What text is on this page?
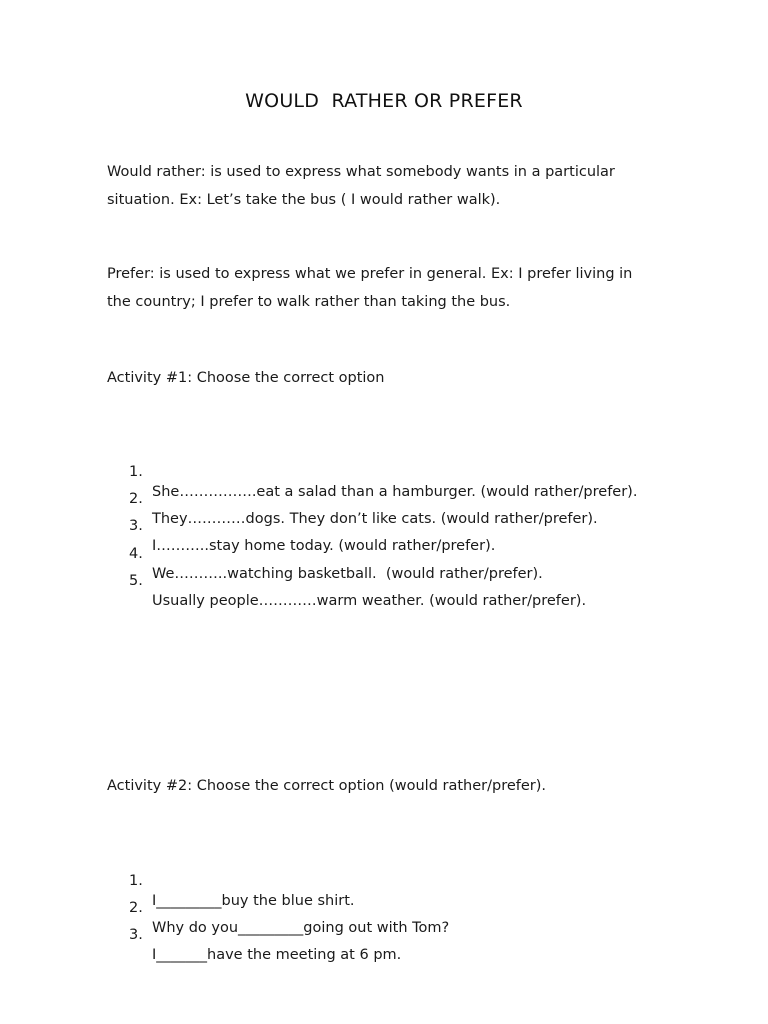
WOULD  RATHER OR PREFER
Would rather: is used to express what somebody wants in a particular
situation. Ex: Let’s take the bus ( I would rather walk).
Prefer: is used to express what we prefer in general. Ex: I prefer living in
the country; I prefer to walk rather than taking the bus.
Activity #1: Choose the correct option

1.

She…………….eat a salad than a hamburger. (would rather/prefer).

2.

They…………dogs. They don’t like cats. (would rather/prefer).

3.

I………..stay home today. (would rather/prefer).

4.

We………..watching basketball.  (would rather/prefer).

5.

Usually people…………warm weather. (would rather/prefer).

Activity #2: Choose the correct option (would rather/prefer).

1.

I_________buy the blue shirt.

2.

Why do you_________going out with Tom?

3.

I_______have the meeting at 6 pm.
